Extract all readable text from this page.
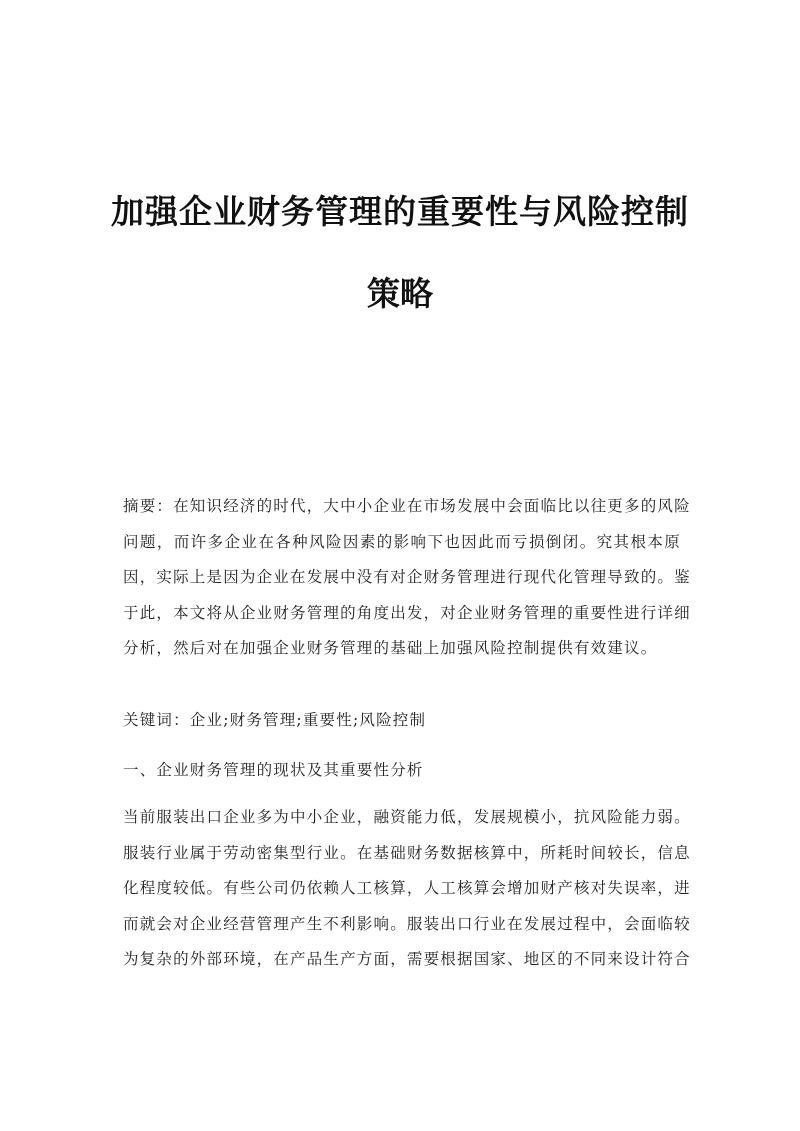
加强企业财务管理的重要性与风险控制
策略
摘要：在知识经济的时代，大中小企业在市场发展中会面临比以往更多的风险
问题，而许多企业在各种风险因素的影响下也因此而亏损倒闭。究其根本原
因，实际上是因为企业在发展中没有对企财务管理进行现代化管理导致的。鉴
于此，本文将从企业财务管理的角度出发，对企业财务管理的重要性进行详细
分析，然后对在加强企业财务管理的基础上加强风险控制提供有效建议。
关键词：企业;财务管理;重要性;风险控制
一、企业财务管理的现状及其重要性分析
当前服装出口企业多为中小企业，融资能力低，发展规模小，抗风险能力弱。
服装行业属于劳动密集型行业。在基础财务数据核算中，所耗时间较长，信息
化程度较低。有些公司仍依赖人工核算，人工核算会增加财产核对失误率，进
而就会对企业经营管理产生不利影响。服装出口行业在发展过程中，会面临较
为复杂的外部环境，在产品生产方面，需要根据国家、地区的不同来设计符合
